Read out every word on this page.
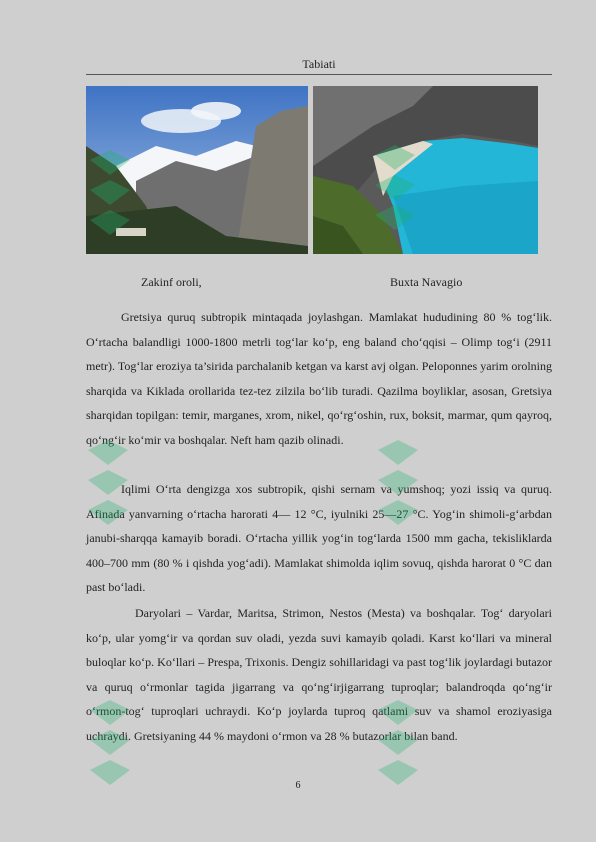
Tabiati
Zakinf oroli,	Buxta Navagio

Gretsiya quruq subtropik mintaqada joylashgan. Mamlakat hududining 80 % tog‘lik. O‘rtacha balandligi 1000-1800 metrli tog‘lar ko‘p, eng baland cho‘qqisi – Olimp tog‘i (2911 metr). Tog‘lar eroziya ta’sirida parchalanib ketgan va karst avj olgan. Peloponnes yarim orolning sharqida va Kiklada orollarida tez-tez zilzila bo‘lib turadi. Qazilma boyliklar, asosan, Gretsiya sharqidan topilgan: temir, marganes, xrom, nikel, qo‘rg‘oshin, rux, boksit, marmar, qum qayroq, qo‘ng‘ir ko‘mir va boshqalar. Neft ham qazib olinadi.

Iqlimi O‘rta dengizga xos subtropik, qishi sernam va yumshoq; yozi issiq va quruq. Afinada yanvarning o‘rtacha harorati 4— 12 °C, iyulniki 25—27 °C. Yog‘in shimoli-g‘arbdan janubi-sharqqa kamayib boradi. O‘rtacha yillik yog‘in tog‘larda 1500 mm gacha, tekisliklarda 400–700 mm (80 % i qishda yog‘adi). Mamlakat shimolda iqlim sovuq, qishda harorat 0 °C dan past bo‘ladi.

Daryolari – Vardar, Maritsa, Strimon, Nestos (Mesta) va boshqalar. Tog‘ daryolari ko‘p, ular yomg‘ir va qordan suv oladi, yezda suvi kamayib qoladi. Karst ko‘llari va mineral buloqlar ko‘p. Ko‘llari – Prespa, Trixonis. Dengiz sohillaridagi va past tog‘lik joylardagi butazor va quruq o‘rmonlar tagida jigarrang va qo‘ng‘irjigarrang tuproqlar; balandroqda qo‘ng‘ir o‘rmon-tog‘ tuproqlari uchraydi. Ko‘p joylarda tuproq qatlami suv va shamol eroziyasiga uchraydi. Gretsiyaning 44 % maydoni o‘rmon va 28 % butazorlar bilan band.

6
